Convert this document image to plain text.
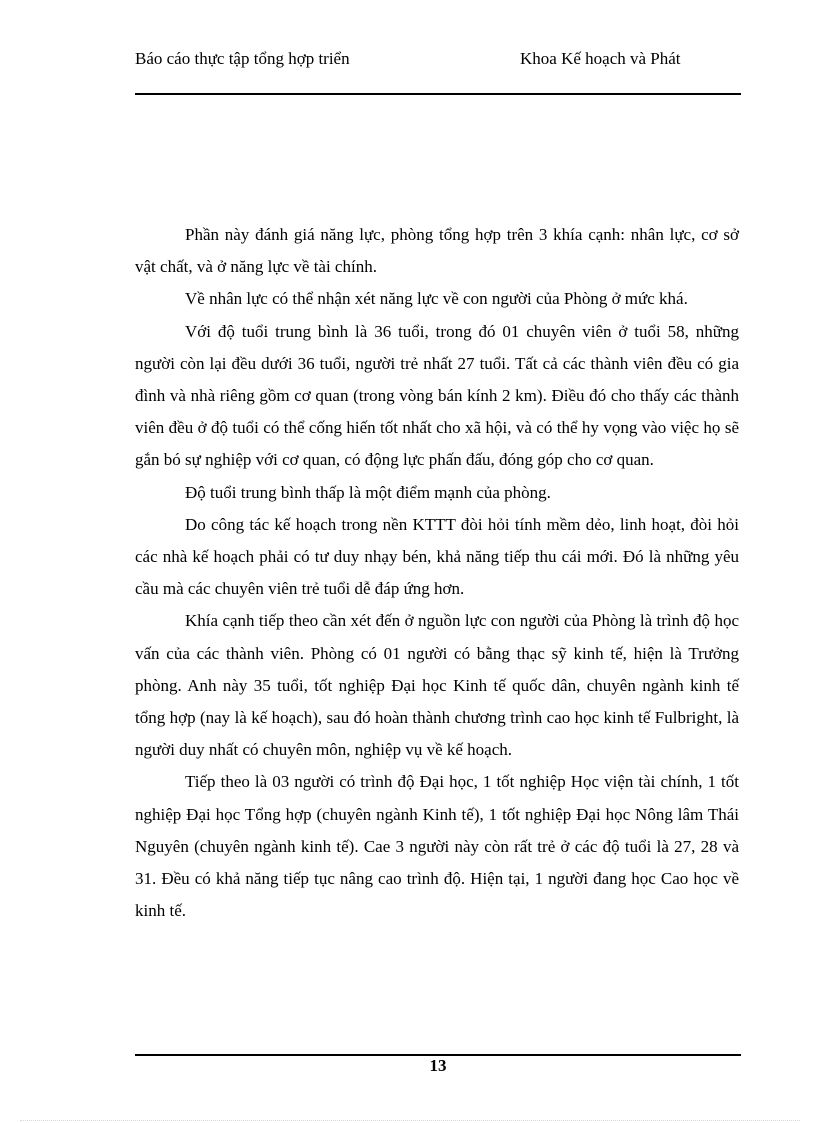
Báo cáo thực tập tổng hợp triển	Khoa Kế hoạch và Phát

Phần này đánh giá năng lực, phòng tổng hợp trên 3 khía cạnh: nhân lực, cơ sở vật chất, và ở năng lực về tài chính.

Về nhân lực có thể nhận xét năng lực về con người của Phòng ở mức khá.

Với độ tuổi trung bình là 36 tuổi, trong đó 01 chuyên viên ở tuổi 58, những người còn lại đều dưới 36 tuổi, người trẻ nhất 27 tuổi. Tất cả các thành viên đều có gia đình và nhà riêng gồm cơ quan (trong vòng bán kính 2 km). Điều đó cho thấy các thành viên đều ở độ tuổi có thể cống hiến tốt nhất cho xã hội, và có thể hy vọng vào việc họ sẽ gắn bó sự nghiệp với cơ quan, có động lực phấn đấu, đóng góp cho cơ quan.

Độ tuổi trung bình thấp là một điểm mạnh của phòng.

Do công tác kế hoạch trong nền KTTT đòi hỏi tính mềm dẻo, linh hoạt, đòi hỏi các nhà kế hoạch phải có tư duy nhạy bén, khả năng tiếp thu cái mới. Đó là những yêu cầu mà các chuyên viên trẻ tuổi dễ đáp ứng hơn.

Khía cạnh tiếp theo cần xét đến ở nguồn lực con người của Phòng là trình độ học vấn của các thành viên. Phòng có 01 người có bằng thạc sỹ kinh tế, hiện là Trưởng phòng. Anh này 35 tuổi, tốt nghiệp Đại học Kinh tế quốc dân, chuyên ngành kinh tế tổng hợp (nay là kế hoạch), sau đó hoàn thành chương trình cao học kinh tế Fulbright, là người duy nhất có chuyên môn, nghiệp vụ về kế hoạch.

Tiếp theo là 03 người có trình độ Đại học, 1 tốt nghiệp Học viện tài chính, 1 tốt nghiệp Đại học Tổng hợp (chuyên ngành Kinh tế), 1 tốt nghiệp Đại học Nông lâm Thái Nguyên (chuyên ngành kinh tế). Cae 3 người này còn rất trẻ ở các độ tuổi là 27, 28 và 31. Đều có khả năng tiếp tục nâng cao trình độ. Hiện tại, 1 người đang học Cao học về kinh tế.

13
